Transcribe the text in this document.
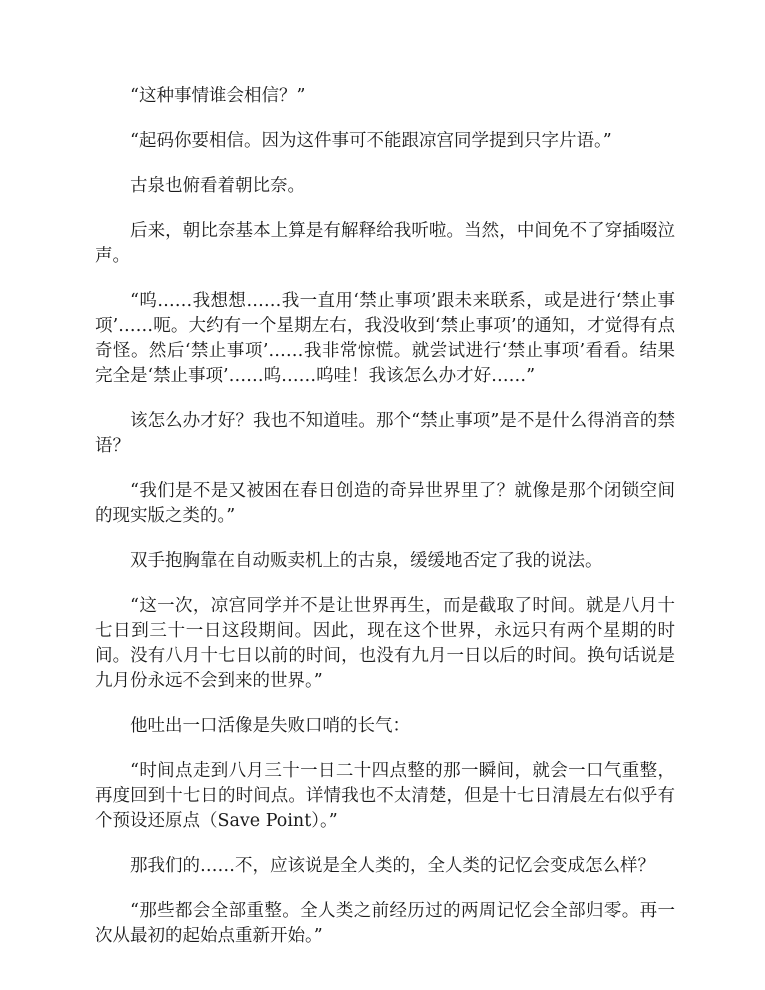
“这种事情谁会相信？”

“起码你要相信。因为这件事可不能跟凉宫同学提到只字片语。”

古泉也俯看着朝比奈。

后来，朝比奈基本上算是有解释给我听啦。当然，中间免不了穿插啜泣声。

“呜……我想想……我一直用‘禁止事项’跟未来联系，或是进行‘禁止事项’……呃。大约有一个星期左右，我没收到‘禁止事项’的通知，才觉得有点奇怪。然后‘禁止事项’……我非常惊慌。就尝试进行‘禁止事项’看看。结果完全是‘禁止事项’……呜……呜哇！我该怎么办才好……”

该怎么办才好？我也不知道哇。那个“禁止事项”是不是什么得消音的禁语？

“我们是不是又被困在春日创造的奇异世界里了？就像是那个闭锁空间的现实版之类的。”

双手抱胸靠在自动贩卖机上的古泉，缓缓地否定了我的说法。

“这一次，凉宫同学并不是让世界再生，而是截取了时间。就是八月十七日到三十一日这段期间。因此，现在这个世界，永远只有两个星期的时间。没有八月十七日以前的时间，也没有九月一日以后的时间。换句话说是九月份永远不会到来的世界。”

他吐出一口活像是失败口哨的长气：

“时间点走到八月三十一日二十四点整的那一瞬间，就会一口气重整，再度回到十七日的时间点。详情我也不太清楚，但是十七日清晨左右似乎有个预设还原点（Save Point）。”

那我们的……不，应该说是全人类的，全人类的记忆会变成怎么样？

“那些都会全部重整。全人类之前经历过的两周记忆会全部归零。再一次从最初的起始点重新开始。”
